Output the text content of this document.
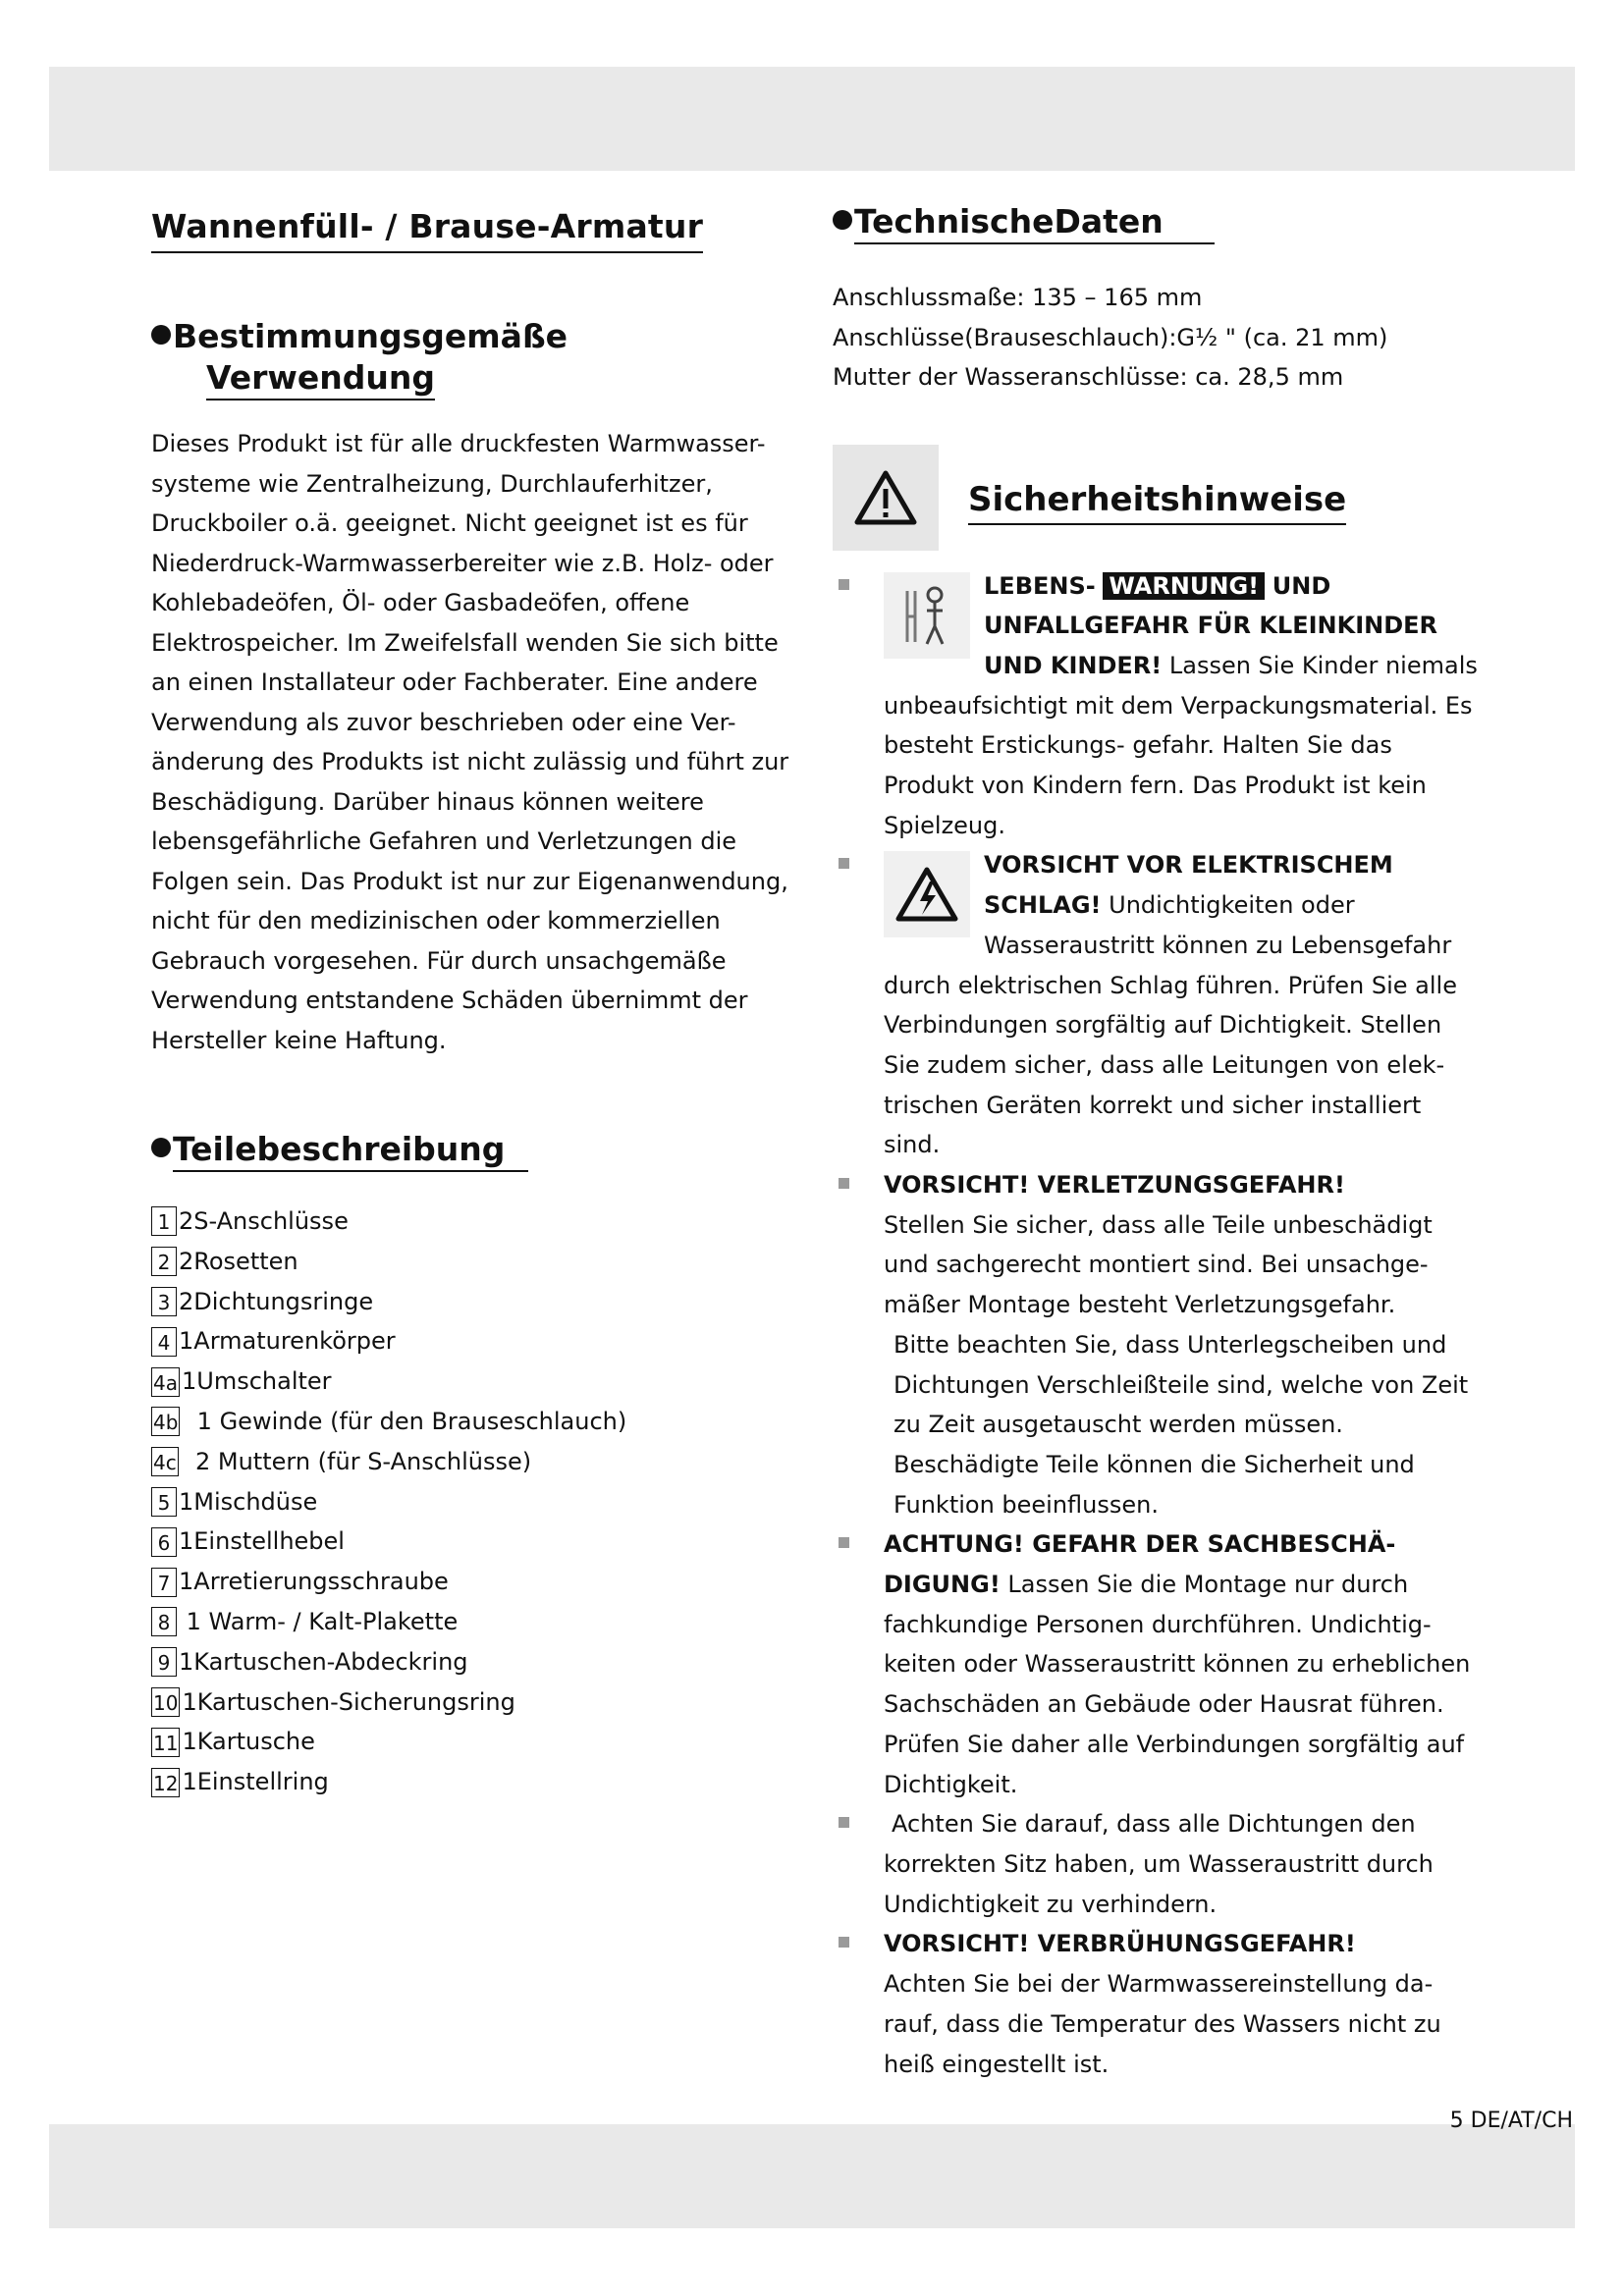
5 DE/AT/CH
Wannenfüll- / Brause-Armatur
Bestimmungsgemäße
Verwendung

Dieses Produkt ist für alle druckfesten Warmwasser- systeme wie Zentralheizung, Durchlauferhitzer, Druckboiler o.ä. geeignet. Nicht geeignet ist es für Niederdruck-Warmwasserbereiter wie z.B. Holz- oder Kohlebadeöfen, Öl- oder Gasbadeöfen, offene Elektrospeicher. Im Zweifelsfall wenden Sie sich bitte an einen Installateur oder Fachberater. Eine andere Verwendung als zuvor beschrieben oder eine Ver- änderung des Produkts ist nicht zulässig und führt zur Beschädigung. Darüber hinaus können weitere lebensgefährliche Gefahren und Verletzungen die Folgen sein. Das Produkt ist nur zur Eigenanwendung, nicht für den medizinischen oder kommerziellen Gebrauch vorgesehen. Für durch unsachgemäße Verwendung entstandene Schäden übernimmt der Hersteller keine Haftung.

Teilebeschreibung
1 2S-Anschlüsse
2 2Rosetten
3 2Dichtungsringe
4 1Armaturenkörper
4a 1Umschalter
4b 1 Gewinde (für den Brauseschlauch)
4c 2 Muttern (für S-Anschlüsse)
5 1Mischdüse
6 1Einstellhebel
7 1Arretierungsschraube
8 1 Warm- / Kalt-Plakette
9 1Kartuschen-Abdeckring
10 1Kartuschen-Sicherungsring
11 1Kartusche
12 1Einstellring
TechnischeDaten
Anschlussmaße: 135 – 165 mm
Anschlüsse(Brauseschlauch):G½ " (ca. 21 mm)
Mutter der Wasseranschlüsse: ca. 28,5 mm
Sicherheitshinweise
LEBENS- WARNUNG! UND UNFALLGEFAHR FÜR KLEINKINDER UND KINDER! Lassen Sie Kinder niemals unbeaufsichtigt mit dem Verpackungsmaterial. Es besteht Erstickungs- gefahr. Halten Sie das Produkt von Kindern fern. Das Produkt ist kein Spielzeug.
VORSICHT VOR ELEKTRISCHEM SCHLAG! Undichtigkeiten oder Wasseraustritt können zu Lebensgefahr durch elektrischen Schlag führen. Prüfen Sie alle Verbindungen sorgfältig auf Dichtigkeit. Stellen Sie zudem sicher, dass alle Leitungen von elek- trischen Geräten korrekt und sicher installiert sind.
VORSICHT! VERLETZUNGSGEFAHR!
Stellen Sie sicher, dass alle Teile unbeschädigt und sachgerecht montiert sind. Bei unsachge- mäßer Montage besteht Verletzungsgefahr.
Bitte beachten Sie, dass Unterlegscheiben und Dichtungen Verschleißteile sind, welche von Zeit zu Zeit ausgetauscht werden müssen.
Beschädigte Teile können die Sicherheit und Funktion beeinflussen.
ACHTUNG! GEFAHR DER SACHBESCHÄ- DIGUNG! Lassen Sie die Montage nur durch fachkundige Personen durchführen. Undichtig- keiten oder Wasseraustritt können zu erheblichen Sachschäden an Gebäude oder Hausrat führen. Prüfen Sie daher alle Verbindungen sorgfältig auf Dichtigkeit.
Achten Sie darauf, dass alle Dichtungen den korrekten Sitz haben, um Wasseraustritt durch Undichtigkeit zu verhindern.
VORSICHT! VERBRÜHUNGSGEFAHR!
Achten Sie bei der Warmwassereinstellung da- rauf, dass die Temperatur des Wassers nicht zu heiß eingestellt ist.
